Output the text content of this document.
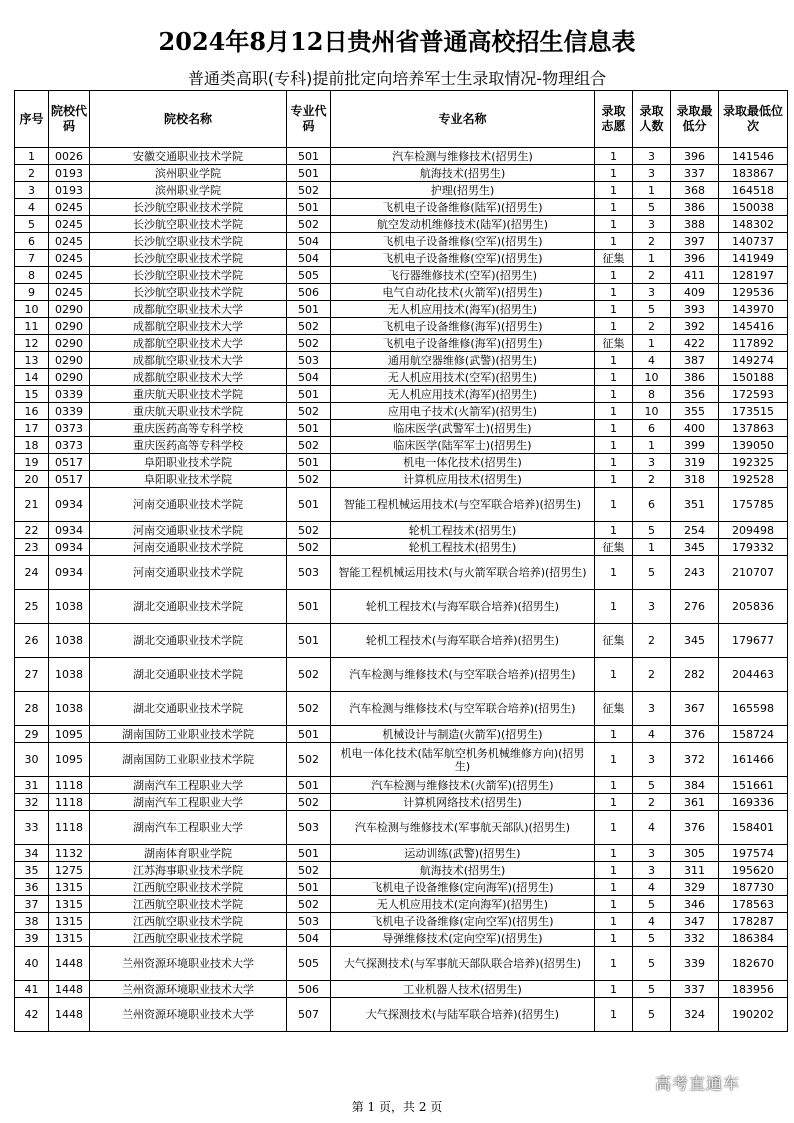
2024年8月12日贵州省普通高校招生信息表
普通类高职(专科)提前批定向培养军士生录取情况-物理组合
序号	院校代码	院校名称	专业代码	专业名称	录取志愿	录取人数	录取最低分	录取最低位次
1	0026	安徽交通职业技术学院	501	汽车检测与维修技术(招男生)	1	3	396	141546
2	0193	滨州职业学院	501	航海技术(招男生)	1	3	337	183867
3	0193	滨州职业学院	502	护理(招男生)	1	1	368	164518
4	0245	长沙航空职业技术学院	501	飞机电子设备维修(陆军)(招男生)	1	5	386	150038
5	0245	长沙航空职业技术学院	502	航空发动机维修技术(陆军)(招男生)	1	3	388	148302
6	0245	长沙航空职业技术学院	504	飞机电子设备维修(空军)(招男生)	1	2	397	140737
7	0245	长沙航空职业技术学院	504	飞机电子设备维修(空军)(招男生)	征集	1	396	141949
8	0245	长沙航空职业技术学院	505	飞行器维修技术(空军)(招男生)	1	2	411	128197
9	0245	长沙航空职业技术学院	506	电气自动化技术(火箭军)(招男生)	1	3	409	129536
10	0290	成都航空职业技术大学	501	无人机应用技术(海军)(招男生)	1	5	393	143970
11	0290	成都航空职业技术大学	502	飞机电子设备维修(海军)(招男生)	1	2	392	145416
12	0290	成都航空职业技术大学	502	飞机电子设备维修(海军)(招男生)	征集	1	422	117892
13	0290	成都航空职业技术大学	503	通用航空器维修(武警)(招男生)	1	4	387	149274
14	0290	成都航空职业技术大学	504	无人机应用技术(空军)(招男生)	1	10	386	150188
15	0339	重庆航天职业技术学院	501	无人机应用技术(海军)(招男生)	1	8	356	172593
16	0339	重庆航天职业技术学院	502	应用电子技术(火箭军)(招男生)	1	10	355	173515
17	0373	重庆医药高等专科学校	501	临床医学(武警军士)(招男生)	1	6	400	137863
18	0373	重庆医药高等专科学校	502	临床医学(陆军军士)(招男生)	1	1	399	139050
19	0517	阜阳职业技术学院	501	机电一体化技术(招男生)	1	3	319	192325
20	0517	阜阳职业技术学院	502	计算机应用技术(招男生)	1	2	318	192528
21	0934	河南交通职业技术学院	501	智能工程机械运用技术(与空军联合培养)(招男生)	1	6	351	175785
22	0934	河南交通职业技术学院	502	轮机工程技术(招男生)	1	5	254	209498
23	0934	河南交通职业技术学院	502	轮机工程技术(招男生)	征集	1	345	179332
24	0934	河南交通职业技术学院	503	智能工程机械运用技术(与火箭军联合培养)(招男生)	1	5	243	210707
25	1038	湖北交通职业技术学院	501	轮机工程技术(与海军联合培养)(招男生)	1	3	276	205836
26	1038	湖北交通职业技术学院	501	轮机工程技术(与海军联合培养)(招男生)	征集	2	345	179677
27	1038	湖北交通职业技术学院	502	汽车检测与维修技术(与空军联合培养)(招男生)	1	2	282	204463
28	1038	湖北交通职业技术学院	502	汽车检测与维修技术(与空军联合培养)(招男生)	征集	3	367	165598
29	1095	湖南国防工业职业技术学院	501	机械设计与制造(火箭军)(招男生)	1	4	376	158724
30	1095	湖南国防工业职业技术学院	502	机电一体化技术(陆军航空机务机械维修方向)(招男生)	1	3	372	161466
31	1118	湖南汽车工程职业大学	501	汽车检测与维修技术(火箭军)(招男生)	1	5	384	151661
32	1118	湖南汽车工程职业大学	502	计算机网络技术(招男生)	1	2	361	169336
33	1118	湖南汽车工程职业大学	503	汽车检测与维修技术(军事航天部队)(招男生)	1	4	376	158401
34	1132	湖南体育职业学院	501	运动训练(武警)(招男生)	1	3	305	197574
35	1275	江苏海事职业技术学院	502	航海技术(招男生)	1	3	311	195620
36	1315	江西航空职业技术学院	501	飞机电子设备维修(定向海军)(招男生)	1	4	329	187730
37	1315	江西航空职业技术学院	502	无人机应用技术(定向海军)(招男生)	1	5	346	178563
38	1315	江西航空职业技术学院	503	飞机电子设备维修(定向空军)(招男生)	1	4	347	178287
39	1315	江西航空职业技术学院	504	导弹维修技术(定向空军)(招男生)	1	5	332	186384
40	1448	兰州资源环境职业技术大学	505	大气探测技术(与军事航天部队联合培养)(招男生)	1	5	339	182670
41	1448	兰州资源环境职业技术大学	506	工业机器人技术(招男生)	1	5	337	183956
42	1448	兰州资源环境职业技术大学	507	大气探测技术(与陆军联合培养)(招男生)	1	5	324	190202
第 1 页，共 2 页
高考直通车
